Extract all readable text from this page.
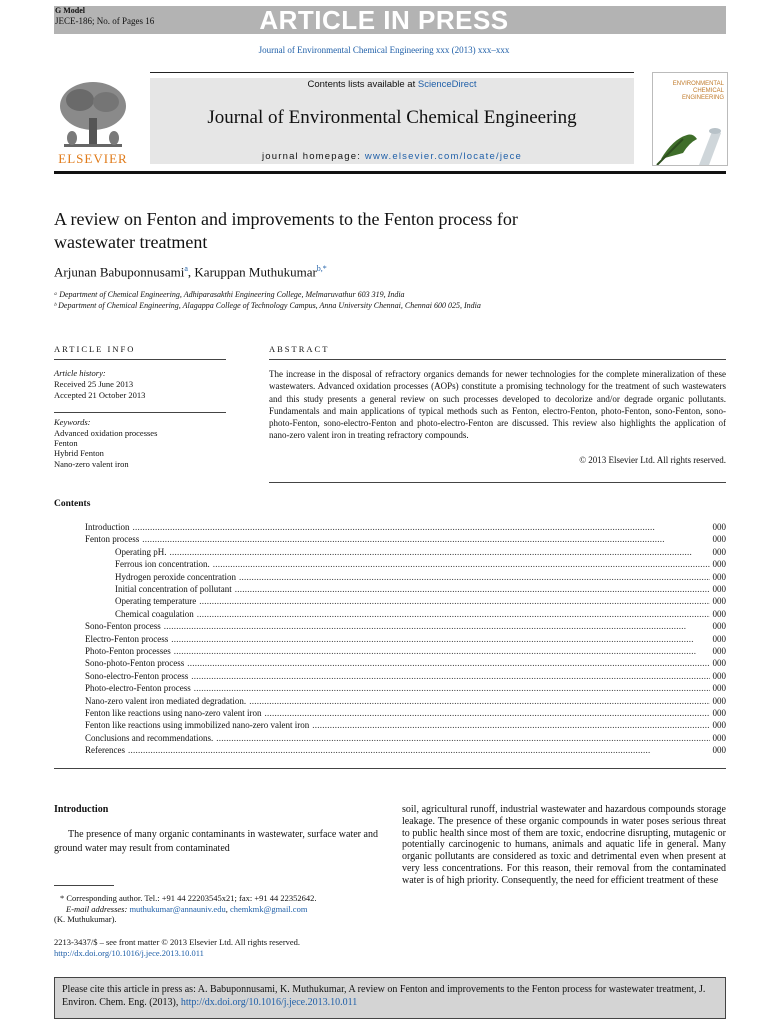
G Model
JECE-186; No. of Pages 16	ARTICLE IN PRESS
Journal of Environmental Chemical Engineering xxx (2013) xxx–xxx
ELSEVIER
Contents lists available at ScienceDirect
Journal of Environmental Chemical Engineering
journal homepage: www.elsevier.com/locate/jece
ENVIRONMENTAL
CHEMICAL
ENGINEERING
A review on Fenton and improvements to the Fenton process for
wastewater treatment
Arjunan Babuponnusami$^a$, Karuppan Muthukumar$^{b,*}$
ᵃ Department of Chemical Engineering, Adhiparasakthi Engineering College, Melmaruvathur 603 319, India
ᵇ Department of Chemical Engineering, Alagappa College of Technology Campus, Anna University Chennai, Chennai 600 025, India
ARTICLE INFO
Article history:
Received 25 June 2013
Accepted 21 October 2013
Keywords:
Advanced oxidation processes
Fenton
Hybrid Fenton
Nano-zero valent iron
ABSTRACT
The increase in the disposal of refractory organics demands for newer technologies for the complete mineralization of these wastewaters. Advanced oxidation processes (AOPs) constitute a promising technology for the treatment of such wastewaters and this study presents a general review on such processes developed to decolorize and/or degrade organic pollutants. Fundamentals and main applications of typical methods such as Fenton, electro-Fenton, photo-Fenton, sono-Fenton, sono-photo-Fenton, sono-electro-Fenton and photo-electro-Fenton are discussed. This review also highlights the application of nano-zero valent iron in treating refractory compounds.
© 2013 Elsevier Ltd. All rights reserved.
Contents
Introduction . . .	000
Fenton process . . .	000
Operating pH. . . .	000
Ferrous ion concentration. . . .	000
Hydrogen peroxide concentration . . .	000
Initial concentration of pollutant . . .	000
Operating temperature . . .	000
Chemical coagulation . . .	000
Sono-Fenton process . . .	000
Electro-Fenton process . . .	000
Photo-Fenton processes . . .	000
Sono-photo-Fenton process . . .	000
Sono-electro-Fenton process . . .	000
Photo-electro-Fenton process . . .	000
Nano-zero valent iron mediated degradation. . . .	000
Fenton like reactions using nano-zero valent iron . . .	000
Fenton like reactions using immobilized nano-zero valent iron . . .	000
Conclusions and recommendations. . . .	000
References . . .	000
Introduction
The presence of many organic contaminants in wastewater, surface water and ground water may result from contaminated
soil, agricultural runoff, industrial wastewater and hazardous compounds storage leakage. The presence of these organic compounds in water poses serious threat to public health since most of them are toxic, endocrine disrupting, mutagenic or potentially carcinogenic to humans, animals and aquatic life in general. Many organic pollutants are considered as toxic and detrimental even when present at very less concentrations. For this reason, their removal from the contaminated water is of high priority. Consequently, the need for efficient treatment of these
* Corresponding author. Tel.: +91 44 22203545x21; fax: +91 44 22352642.
E-mail addresses: muthukumar@annauniv.edu, chemkmk@gmail.com
(K. Muthukumar).
2213-3437/$ – see front matter © 2013 Elsevier Ltd. All rights reserved.
http://dx.doi.org/10.1016/j.jece.2013.10.011
Please cite this article in press as: A. Babuponnusami, K. Muthukumar, A review on Fenton and improvements to the Fenton process for wastewater treatment, J. Environ. Chem. Eng. (2013), http://dx.doi.org/10.1016/j.jece.2013.10.011
